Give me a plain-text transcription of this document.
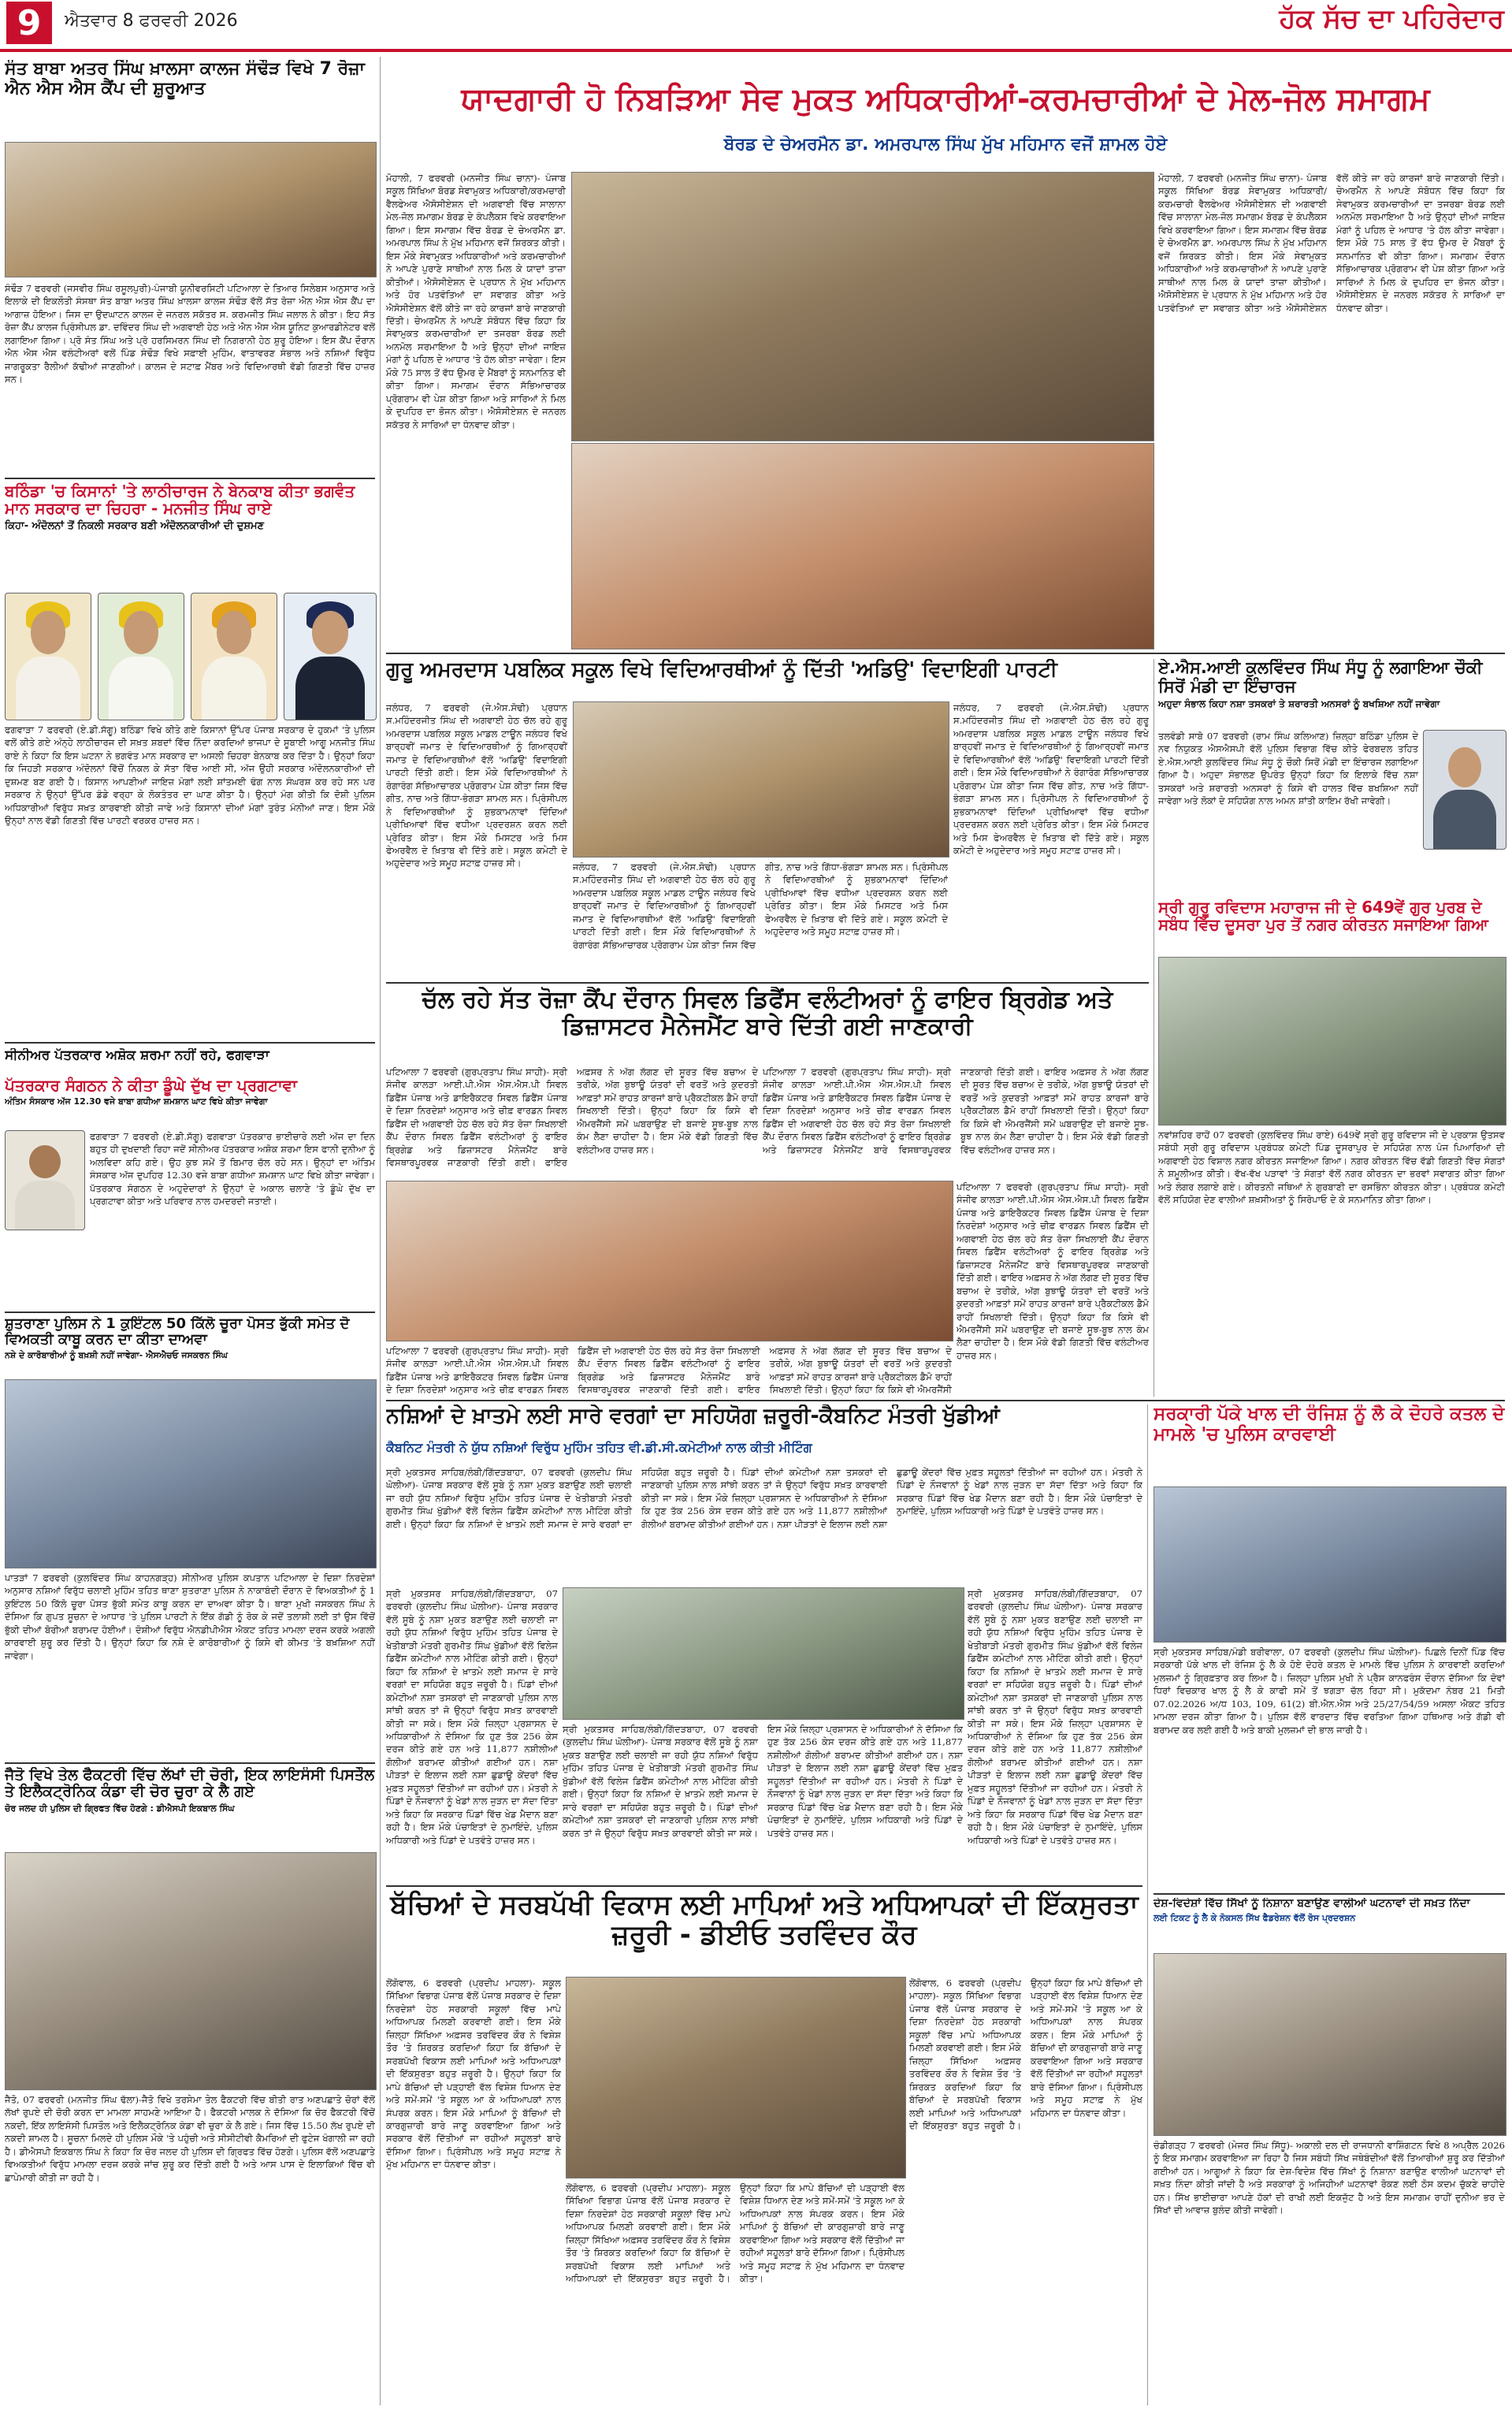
9	ਐਤਵਾਰ 8 ਫਰਵਰੀ 2026	ਹੱਕ ਸੱਚ ਦਾ ਪਹਿਰੇਦਾਰ
ਸੰਤ ਬਾਬਾ ਅਤਰ ਸਿੰਘ ਖ਼ਾਲਸਾ ਕਾਲਜ ਸੰਢੌੜ ਵਿਖੇ 7 ਰੋਜ਼ਾ ਐਨ ਐਸ ਐਸ ਕੈਂਪ ਦੀ ਸ਼ੁਰੂਆਤ
ਸੰਢੌੜ 7 ਫਰਵਰੀ (ਜਸਵੀਰ ਸਿੰਘ ਰਸੂਲਪੁਰੀ)-ਪੰਜਾਬੀ ਯੂਨੀਵਰਸਿਟੀ ਪਟਿਆਲਾ ਦੇ ਤਿਆਰ ਸਿਲੇਬਸ ਅਨੁਸਾਰ ਅਤੇ ਇਲਾਕੇ ਦੀ ਇਕਲੌਤੀ ਸੰਸਥਾ ਸੰਤ ਬਾਬਾ ਅਤਰ ਸਿੰਘ ਖ਼ਾਲਸਾ ਕਾਲਜ ਸੰਢੌੜ ਵੱਲੋਂ ਸੱਤ ਰੋਜ਼ਾ ਐਨ ਐਸ ਐਸ ਕੈਂਪ ਦਾ ਆਗਾਜ਼ ਹੋਇਆ। ਜਿਸ ਦਾ ਉਦਘਾਟਨ ਕਾਲਜ ਦੇ ਜਨਰਲ ਸਕੱਤਰ ਸ. ਕਰਮਜੀਤ ਸਿੰਘ ਜਲਾਲ ਨੇ ਕੀਤਾ। ਇਹ ਸੱਤ ਰੋਜ਼ਾ ਕੈਂਪ ਕਾਲਜ ਪ੍ਰਿੰਸੀਪਲ ਡਾ. ਦਵਿੰਦਰ ਸਿੰਘ ਦੀ ਅਗਵਾਈ ਹੇਠ ਅਤੇ ਐਨ ਐਸ ਐਸ ਯੂਨਿਟ ਕੁਆਰਡੀਨੇਟਰ ਵਲੋਂ ਲਗਾਇਆ ਗਿਆ। ਪ੍ਰੋ ਸੰਤ ਸਿੰਘ ਅਤੇ ਪ੍ਰੋ ਹਰਸਿਮਰਨ ਸਿੰਘ ਦੀ ਨਿਗਰਾਨੀ ਹੇਠ ਸ਼ੁਰੂ ਹੋਇਆ। ਇਸ ਕੈਂਪ ਦੌਰਾਨ ਐਨ ਐਸ ਐਸ ਵਲੰਟੀਅਰਾਂ ਵਲੋਂ ਪਿੰਡ ਸੰਢੌੜ ਵਿਖੇ ਸਫ਼ਾਈ ਮੁਹਿੰਮ, ਵਾਤਾਵਰਣ ਸੰਭਾਲ ਅਤੇ ਨਸ਼ਿਆਂ ਵਿਰੁੱਧ ਜਾਗਰੂਕਤਾ ਰੈਲੀਆਂ ਕੱਢੀਆਂ ਜਾਣਗੀਆਂ। ਕਾਲਜ ਦੇ ਸਟਾਫ਼ ਮੈਂਬਰ ਅਤੇ ਵਿਦਿਆਰਥੀ ਵੱਡੀ ਗਿਣਤੀ ਵਿੱਚ ਹਾਜ਼ਰ ਸਨ।
ਬਠਿੰਡਾ 'ਚ ਕਿਸਾਨਾਂ 'ਤੇ ਲਾਠੀਚਾਰਜ ਨੇ ਬੇਨਕਾਬ ਕੀਤਾ ਭਗਵੰਤ ਮਾਨ ਸਰਕਾਰ ਦਾ ਚਿਹਰਾ - ਮਨਜੀਤ ਸਿੰਘ ਰਾਏ
ਕਿਹਾ- ਅੰਦੋਲਨਾਂ ਤੋਂ ਨਿਕਲੀ ਸਰਕਾਰ ਬਣੀ ਅੰਦੋਲਨਕਾਰੀਆਂ ਦੀ ਦੁਸ਼ਮਣ
ਫਗਵਾੜਾ 7 ਫਰਵਰੀ (ਏ.ਡੀ.ਸੱਗੂ) ਬਠਿੰਡਾ ਵਿਖੇ ਕੀਤੇ ਗਏ ਕਿਸਾਨਾਂ ਉੱਪਰ ਪੰਜਾਬ ਸਰਕਾਰ ਦੇ ਹੁਕਮਾਂ 'ਤੇ ਪੁਲਿਸ ਵਲੋਂ ਕੀਤੇ ਗਏ ਅੰਨ੍ਹੇ ਲਾਠੀਚਾਰਜ ਦੀ ਸਖ਼ਤ ਸ਼ਬਦਾਂ ਵਿੱਚ ਨਿੰਦਾ ਕਰਦਿਆਂ ਭਾਜਪਾ ਦੇ ਸੂਬਾਈ ਆਗੂ ਮਨਜੀਤ ਸਿੰਘ ਰਾਏ ਨੇ ਕਿਹਾ ਕਿ ਇਸ ਘਟਨਾ ਨੇ ਭਗਵੰਤ ਮਾਨ ਸਰਕਾਰ ਦਾ ਅਸਲੀ ਚਿਹਰਾ ਬੇਨਕਾਬ ਕਰ ਦਿੱਤਾ ਹੈ। ਉਨ੍ਹਾਂ ਕਿਹਾ ਕਿ ਜਿਹੜੀ ਸਰਕਾਰ ਅੰਦੋਲਨਾਂ ਵਿੱਚੋਂ ਨਿਕਲ ਕੇ ਸੱਤਾ ਵਿੱਚ ਆਈ ਸੀ, ਅੱਜ ਉਹੀ ਸਰਕਾਰ ਅੰਦੋਲਨਕਾਰੀਆਂ ਦੀ ਦੁਸ਼ਮਣ ਬਣ ਗਈ ਹੈ। ਕਿਸਾਨ ਆਪਣੀਆਂ ਜਾਇਜ਼ ਮੰਗਾਂ ਲਈ ਸ਼ਾਂਤਮਈ ਢੰਗ ਨਾਲ ਸੰਘਰਸ਼ ਕਰ ਰਹੇ ਸਨ ਪਰ ਸਰਕਾਰ ਨੇ ਉਨ੍ਹਾਂ ਉੱਪਰ ਡੰਡੇ ਵਰ੍ਹਾ ਕੇ ਲੋਕਤੰਤਰ ਦਾ ਘਾਣ ਕੀਤਾ ਹੈ। ਉਨ੍ਹਾਂ ਮੰਗ ਕੀਤੀ ਕਿ ਦੋਸ਼ੀ ਪੁਲਿਸ ਅਧਿਕਾਰੀਆਂ ਵਿਰੁੱਧ ਸਖ਼ਤ ਕਾਰਵਾਈ ਕੀਤੀ ਜਾਵੇ ਅਤੇ ਕਿਸਾਨਾਂ ਦੀਆਂ ਮੰਗਾਂ ਤੁਰੰਤ ਮੰਨੀਆਂ ਜਾਣ। ਇਸ ਮੌਕੇ ਉਨ੍ਹਾਂ ਨਾਲ ਵੱਡੀ ਗਿਣਤੀ ਵਿੱਚ ਪਾਰਟੀ ਵਰਕਰ ਹਾਜ਼ਰ ਸਨ।
ਸੀਨੀਅਰ ਪੱਤਰਕਾਰ ਅਸ਼ੋਕ ਸ਼ਰਮਾ ਨਹੀਂ ਰਹੇ, ਫਗਵਾੜਾ
ਪੱਤਰਕਾਰ ਸੰਗਠਨ ਨੇ ਕੀਤਾ ਡੂੰਘੇ ਦੁੱਖ ਦਾ ਪ੍ਰਗਟਾਵਾ
ਅੰਤਿਮ ਸੰਸਕਾਰ ਅੱਜ 12.30 ਵਜੇ ਬਾਬਾ ਗਧੀਆ ਸ਼ਮਸ਼ਾਨ ਘਾਟ ਵਿਖੇ ਕੀਤਾ ਜਾਵੇਗਾ
ਫਗਵਾੜਾ 7 ਫਰਵਰੀ (ਏ.ਡੀ.ਸੱਗੂ) ਫਗਵਾੜਾ ਪੱਤਰਕਾਰ ਭਾਈਚਾਰੇ ਲਈ ਅੱਜ ਦਾ ਦਿਨ ਬਹੁਤ ਹੀ ਦੁਖਦਾਈ ਰਿਹਾ ਜਦੋਂ ਸੀਨੀਅਰ ਪੱਤਰਕਾਰ ਅਸ਼ੋਕ ਸ਼ਰਮਾ ਇਸ ਫਾਨੀ ਦੁਨੀਆ ਨੂੰ ਅਲਵਿਦਾ ਕਹਿ ਗਏ। ਉਹ ਕੁਝ ਸਮੇਂ ਤੋਂ ਬਿਮਾਰ ਚੱਲ ਰਹੇ ਸਨ। ਉਨ੍ਹਾਂ ਦਾ ਅੰਤਿਮ ਸੰਸਕਾਰ ਅੱਜ ਦੁਪਹਿਰ 12.30 ਵਜੇ ਬਾਬਾ ਗਧੀਆ ਸ਼ਮਸ਼ਾਨ ਘਾਟ ਵਿਖੇ ਕੀਤਾ ਜਾਵੇਗਾ। ਪੱਤਰਕਾਰ ਸੰਗਠਨ ਦੇ ਅਹੁਦੇਦਾਰਾਂ ਨੇ ਉਨ੍ਹਾਂ ਦੇ ਅਕਾਲ ਚਲਾਣੇ 'ਤੇ ਡੂੰਘੇ ਦੁੱਖ ਦਾ ਪ੍ਰਗਟਾਵਾ ਕੀਤਾ ਅਤੇ ਪਰਿਵਾਰ ਨਾਲ ਹਮਦਰਦੀ ਜਤਾਈ।
ਸ਼ੁਤਰਾਣਾ ਪੁਲਿਸ ਨੇ 1 ਕੁਇੰਟਲ 50 ਕਿੱਲੋ ਚੂਰਾ ਪੋਸਤ ਭੁੱਕੀ ਸਮੇਤ ਦੋ ਵਿਅਕਤੀ ਕਾਬੂ ਕਰਨ ਦਾ ਕੀਤਾ ਦਾਅਵਾ
ਨਸ਼ੇ ਦੇ ਕਾਰੋਬਾਰੀਆਂ ਨੂੰ ਬਖ਼ਸ਼ੀ ਨਹੀਂ ਜਾਵੇਗਾ- ਐਸਐਚਓ ਜਸਕਰਨ ਸਿੰਘ
ਪਾਤੜਾਂ 7 ਫਰਵਰੀ (ਕੁਲਵਿੰਦਰ ਸਿੰਘ ਕਾਹਨਗੜ੍ਹ) ਸੀਨੀਅਰ ਪੁਲਿਸ ਕਪਤਾਨ ਪਟਿਆਲਾ ਦੇ ਦਿਸ਼ਾ ਨਿਰਦੇਸ਼ਾਂ ਅਨੁਸਾਰ ਨਸ਼ਿਆਂ ਵਿਰੁੱਧ ਚਲਾਈ ਮੁਹਿੰਮ ਤਹਿਤ ਥਾਣਾ ਸ਼ੁਤਰਾਣਾ ਪੁਲਿਸ ਨੇ ਨਾਕਾਬੰਦੀ ਦੌਰਾਨ ਦੋ ਵਿਅਕਤੀਆਂ ਨੂੰ 1 ਕੁਇੰਟਲ 50 ਕਿੱਲੋ ਚੂਰਾ ਪੋਸਤ ਭੁੱਕੀ ਸਮੇਤ ਕਾਬੂ ਕਰਨ ਦਾ ਦਾਅਵਾ ਕੀਤਾ ਹੈ। ਥਾਣਾ ਮੁਖੀ ਜਸਕਰਨ ਸਿੰਘ ਨੇ ਦੱਸਿਆ ਕਿ ਗੁਪਤ ਸੂਚਨਾ ਦੇ ਆਧਾਰ 'ਤੇ ਪੁਲਿਸ ਪਾਰਟੀ ਨੇ ਇੱਕ ਗੱਡੀ ਨੂੰ ਰੋਕ ਕੇ ਜਦੋਂ ਤਲਾਸ਼ੀ ਲਈ ਤਾਂ ਉਸ ਵਿੱਚੋਂ ਭੁੱਕੀ ਦੀਆਂ ਬੋਰੀਆਂ ਬਰਾਮਦ ਹੋਈਆਂ। ਦੋਸ਼ੀਆਂ ਵਿਰੁੱਧ ਐਨਡੀਪੀਐਸ ਐਕਟ ਤਹਿਤ ਮਾਮਲਾ ਦਰਜ ਕਰਕੇ ਅਗਲੀ ਕਾਰਵਾਈ ਸ਼ੁਰੂ ਕਰ ਦਿੱਤੀ ਹੈ। ਉਨ੍ਹਾਂ ਕਿਹਾ ਕਿ ਨਸ਼ੇ ਦੇ ਕਾਰੋਬਾਰੀਆਂ ਨੂੰ ਕਿਸੇ ਵੀ ਕੀਮਤ 'ਤੇ ਬਖ਼ਸ਼ਿਆ ਨਹੀਂ ਜਾਵੇਗਾ।
ਜੈਤੋ ਵਿਖੇ ਤੇਲ ਫੈਕਟਰੀ ਵਿੱਚ ਲੱਖਾਂ ਦੀ ਚੋਰੀ, ਇਕ ਲਾਇਸੰਸੀ ਪਿਸਤੌਲ ਤੇ ਇਲੈਕਟ੍ਰੋਨਿਕ ਕੰਡਾ ਵੀ ਚੋਰ ਚੁਰਾ ਕੇ ਲੈ ਗਏ
ਚੋਰ ਜਲਦ ਹੀ ਪੁਲਿਸ ਦੀ ਗ੍ਰਿਫਤ ਵਿੱਚ ਹੋਣਗੇ : ਡੀਐਸਪੀ ਇਕਬਾਲ ਸਿੰਘ
ਜੈਤੋ, 07 ਫਰਵਰੀ (ਮਨਜੀਤ ਸਿੰਘ ਢੱਲਾ)-ਜੈਤੋ ਵਿਖੇ ਤਰਸੇਮਾ ਤੇਲ ਫੈਕਟਰੀ ਵਿੱਚ ਬੀਤੀ ਰਾਤ ਅਣਪਛਾਤੇ ਚੋਰਾਂ ਵੱਲੋਂ ਲੱਖਾਂ ਰੁਪਏ ਦੀ ਚੋਰੀ ਕਰਨ ਦਾ ਮਾਮਲਾ ਸਾਹਮਣੇ ਆਇਆ ਹੈ। ਫੈਕਟਰੀ ਮਾਲਕ ਨੇ ਦੱਸਿਆ ਕਿ ਚੋਰ ਫੈਕਟਰੀ ਵਿੱਚੋਂ ਨਕਦੀ, ਇੱਕ ਲਾਇਸੰਸੀ ਪਿਸਤੌਲ ਅਤੇ ਇਲੈਕਟ੍ਰੋਨਿਕ ਕੰਡਾ ਵੀ ਚੁਰਾ ਕੇ ਲੈ ਗਏ। ਜਿਸ ਵਿੱਚ 15.50 ਲੱਖ ਰੁਪਏ ਦੀ ਨਕਦੀ ਸ਼ਾਮਲ ਹੈ। ਸੂਚਨਾ ਮਿਲਦੇ ਹੀ ਪੁਲਿਸ ਮੌਕੇ 'ਤੇ ਪਹੁੰਚੀ ਅਤੇ ਸੀਸੀਟੀਵੀ ਕੈਮਰਿਆਂ ਦੀ ਫੁਟੇਜ ਖੰਗਾਲੀ ਜਾ ਰਹੀ ਹੈ। ਡੀਐਸਪੀ ਇਕਬਾਲ ਸਿੰਘ ਨੇ ਕਿਹਾ ਕਿ ਚੋਰ ਜਲਦ ਹੀ ਪੁਲਿਸ ਦੀ ਗ੍ਰਿਫਤ ਵਿੱਚ ਹੋਣਗੇ। ਪੁਲਿਸ ਵੱਲੋਂ ਅਣਪਛਾਤੇ ਵਿਅਕਤੀਆਂ ਵਿਰੁੱਧ ਮਾਮਲਾ ਦਰਜ ਕਰਕੇ ਜਾਂਚ ਸ਼ੁਰੂ ਕਰ ਦਿੱਤੀ ਗਈ ਹੈ ਅਤੇ ਆਸ ਪਾਸ ਦੇ ਇਲਾਕਿਆਂ ਵਿੱਚ ਵੀ ਛਾਪੇਮਾਰੀ ਕੀਤੀ ਜਾ ਰਹੀ ਹੈ।
ਯਾਦਗਾਰੀ ਹੋ ਨਿਬੜਿਆ ਸੇਵ ਮੁਕਤ ਅਧਿਕਾਰੀਆਂ-ਕਰਮਚਾਰੀਆਂ ਦੇ ਮੇਲ-ਜੋਲ ਸਮਾਗਮ
ਬੋਰਡ ਦੇ ਚੇਅਰਮੈਨ ਡਾ. ਅਮਰਪਾਲ ਸਿੰਘ ਮੁੱਖ ਮਹਿਮਾਨ ਵਜੋਂ ਸ਼ਾਮਲ ਹੋਏ
ਮੋਹਾਲੀ, 7 ਫਰਵਰੀ (ਮਨਜੀਤ ਸਿੰਘ ਚਾਨਾ)- ਪੰਜਾਬ ਸਕੂਲ ਸਿੱਖਿਆ ਬੋਰਡ ਸੇਵਾਮੁਕਤ ਅਧਿਕਾਰੀ/ਕਰਮਚਾਰੀ ਵੈਲਫੇਅਰ ਐਸੋਸੀਏਸ਼ਨ ਦੀ ਅਗਵਾਈ ਵਿੱਚ ਸਾਲਾਨਾ ਮੇਲ-ਜੋਲ ਸਮਾਗਮ ਬੋਰਡ ਦੇ ਕੰਪਲੈਕਸ ਵਿਖੇ ਕਰਵਾਇਆ ਗਿਆ। ਇਸ ਸਮਾਗਮ ਵਿੱਚ ਬੋਰਡ ਦੇ ਚੇਅਰਮੈਨ ਡਾ. ਅਮਰਪਾਲ ਸਿੰਘ ਨੇ ਮੁੱਖ ਮਹਿਮਾਨ ਵਜੋਂ ਸ਼ਿਰਕਤ ਕੀਤੀ। ਇਸ ਮੌਕੇ ਸੇਵਾਮੁਕਤ ਅਧਿਕਾਰੀਆਂ ਅਤੇ ਕਰਮਚਾਰੀਆਂ ਨੇ ਆਪਣੇ ਪੁਰਾਣੇ ਸਾਥੀਆਂ ਨਾਲ ਮਿਲ ਕੇ ਯਾਦਾਂ ਤਾਜ਼ਾ ਕੀਤੀਆਂ। ਐਸੋਸੀਏਸ਼ਨ ਦੇ ਪ੍ਰਧਾਨ ਨੇ ਮੁੱਖ ਮਹਿਮਾਨ ਅਤੇ ਹੋਰ ਪਤਵੰਤਿਆਂ ਦਾ ਸਵਾਗਤ ਕੀਤਾ ਅਤੇ ਐਸੋਸੀਏਸ਼ਨ ਵੱਲੋਂ ਕੀਤੇ ਜਾ ਰਹੇ ਕਾਰਜਾਂ ਬਾਰੇ ਜਾਣਕਾਰੀ ਦਿੱਤੀ। ਚੇਅਰਮੈਨ ਨੇ ਆਪਣੇ ਸੰਬੋਧਨ ਵਿੱਚ ਕਿਹਾ ਕਿ ਸੇਵਾਮੁਕਤ ਕਰਮਚਾਰੀਆਂ ਦਾ ਤਜਰਬਾ ਬੋਰਡ ਲਈ ਅਨਮੋਲ ਸਰਮਾਇਆ ਹੈ ਅਤੇ ਉਨ੍ਹਾਂ ਦੀਆਂ ਜਾਇਜ਼ ਮੰਗਾਂ ਨੂੰ ਪਹਿਲ ਦੇ ਆਧਾਰ 'ਤੇ ਹੱਲ ਕੀਤਾ ਜਾਵੇਗਾ। ਇਸ ਮੌਕੇ 75 ਸਾਲ ਤੋਂ ਵੱਧ ਉਮਰ ਦੇ ਮੈਂਬਰਾਂ ਨੂੰ ਸਨਮਾਨਿਤ ਵੀ ਕੀਤਾ ਗਿਆ। ਸਮਾਗਮ ਦੌਰਾਨ ਸੱਭਿਆਚਾਰਕ ਪ੍ਰੋਗਰਾਮ ਵੀ ਪੇਸ਼ ਕੀਤਾ ਗਿਆ ਅਤੇ ਸਾਰਿਆਂ ਨੇ ਮਿਲ ਕੇ ਦੁਪਹਿਰ ਦਾ ਭੋਜਨ ਕੀਤਾ। ਐਸੋਸੀਏਸ਼ਨ ਦੇ ਜਨਰਲ ਸਕੱਤਰ ਨੇ ਸਾਰਿਆਂ ਦਾ ਧੰਨਵਾਦ ਕੀਤਾ।
ਮੋਹਾਲੀ, 7 ਫਰਵਰੀ (ਮਨਜੀਤ ਸਿੰਘ ਚਾਨਾ)- ਪੰਜਾਬ ਸਕੂਲ ਸਿੱਖਿਆ ਬੋਰਡ ਸੇਵਾਮੁਕਤ ਅਧਿਕਾਰੀ/ਕਰਮਚਾਰੀ ਵੈਲਫੇਅਰ ਐਸੋਸੀਏਸ਼ਨ ਦੀ ਅਗਵਾਈ ਵਿੱਚ ਸਾਲਾਨਾ ਮੇਲ-ਜੋਲ ਸਮਾਗਮ ਬੋਰਡ ਦੇ ਕੰਪਲੈਕਸ ਵਿਖੇ ਕਰਵਾਇਆ ਗਿਆ। ਇਸ ਸਮਾਗਮ ਵਿੱਚ ਬੋਰਡ ਦੇ ਚੇਅਰਮੈਨ ਡਾ. ਅਮਰਪਾਲ ਸਿੰਘ ਨੇ ਮੁੱਖ ਮਹਿਮਾਨ ਵਜੋਂ ਸ਼ਿਰਕਤ ਕੀਤੀ। ਇਸ ਮੌਕੇ ਸੇਵਾਮੁਕਤ ਅਧਿਕਾਰੀਆਂ ਅਤੇ ਕਰਮਚਾਰੀਆਂ ਨੇ ਆਪਣੇ ਪੁਰਾਣੇ ਸਾਥੀਆਂ ਨਾਲ ਮਿਲ ਕੇ ਯਾਦਾਂ ਤਾਜ਼ਾ ਕੀਤੀਆਂ। ਐਸੋਸੀਏਸ਼ਨ ਦੇ ਪ੍ਰਧਾਨ ਨੇ ਮੁੱਖ ਮਹਿਮਾਨ ਅਤੇ ਹੋਰ ਪਤਵੰਤਿਆਂ ਦਾ ਸਵਾਗਤ ਕੀਤਾ ਅਤੇ ਐਸੋਸੀਏਸ਼ਨ ਵੱਲੋਂ ਕੀਤੇ ਜਾ ਰਹੇ ਕਾਰਜਾਂ ਬਾਰੇ ਜਾਣਕਾਰੀ ਦਿੱਤੀ। ਚੇਅਰਮੈਨ ਨੇ ਆਪਣੇ ਸੰਬੋਧਨ ਵਿੱਚ ਕਿਹਾ ਕਿ ਸੇਵਾਮੁਕਤ ਕਰਮਚਾਰੀਆਂ ਦਾ ਤਜਰਬਾ ਬੋਰਡ ਲਈ ਅਨਮੋਲ ਸਰਮਾਇਆ ਹੈ ਅਤੇ ਉਨ੍ਹਾਂ ਦੀਆਂ ਜਾਇਜ਼ ਮੰਗਾਂ ਨੂੰ ਪਹਿਲ ਦੇ ਆਧਾਰ 'ਤੇ ਹੱਲ ਕੀਤਾ ਜਾਵੇਗਾ। ਇਸ ਮੌਕੇ 75 ਸਾਲ ਤੋਂ ਵੱਧ ਉਮਰ ਦੇ ਮੈਂਬਰਾਂ ਨੂੰ ਸਨਮਾਨਿਤ ਵੀ ਕੀਤਾ ਗਿਆ। ਸਮਾਗਮ ਦੌਰਾਨ ਸੱਭਿਆਚਾਰਕ ਪ੍ਰੋਗਰਾਮ ਵੀ ਪੇਸ਼ ਕੀਤਾ ਗਿਆ ਅਤੇ ਸਾਰਿਆਂ ਨੇ ਮਿਲ ਕੇ ਦੁਪਹਿਰ ਦਾ ਭੋਜਨ ਕੀਤਾ। ਐਸੋਸੀਏਸ਼ਨ ਦੇ ਜਨਰਲ ਸਕੱਤਰ ਨੇ ਸਾਰਿਆਂ ਦਾ ਧੰਨਵਾਦ ਕੀਤਾ।
ਏ.ਐਸ.ਆਈ ਕੁਲਵਿੰਦਰ ਸਿੰਘ ਸੰਧੂ ਨੂੰ ਲਗਾਇਆ ਚੌਕੀ ਸਿਰੋਂ ਮੰਡੀ ਦਾ ਇੰਚਾਰਜ
ਅਹੁਦਾ ਸੰਭਾਲ ਕਿਹਾ ਨਸ਼ਾ ਤਸਕਰਾਂ ਤੇ ਸ਼ਰਾਰਤੀ ਅਨਸਰਾਂ ਨੂੰ ਬਖਸ਼ਿਆ ਨਹੀਂ ਜਾਵੇਗਾ
ਤਲਵੰਡੀ ਸਾਬੋ 07 ਫਰਵਰੀ (ਰਾਮ ਸਿੰਘ ਕਲਿਆਣ) ਜ਼ਿਲ੍ਹਾ ਬਠਿੰਡਾ ਪੁਲਿਸ ਦੇ ਨਵ ਨਿਯੁਕਤ ਐਸਐਸਪੀ ਵੱਲੋਂ ਪੁਲਿਸ ਵਿਭਾਗ ਵਿੱਚ ਕੀਤੇ ਫੇਰਬਦਲ ਤਹਿਤ ਏ.ਐਸ.ਆਈ ਕੁਲਵਿੰਦਰ ਸਿੰਘ ਸੰਧੂ ਨੂੰ ਚੌਕੀ ਸਿਰੋਂ ਮੰਡੀ ਦਾ ਇੰਚਾਰਜ ਲਗਾਇਆ ਗਿਆ ਹੈ। ਅਹੁਦਾ ਸੰਭਾਲਣ ਉਪਰੰਤ ਉਨ੍ਹਾਂ ਕਿਹਾ ਕਿ ਇਲਾਕੇ ਵਿੱਚ ਨਸ਼ਾ ਤਸਕਰਾਂ ਅਤੇ ਸ਼ਰਾਰਤੀ ਅਨਸਰਾਂ ਨੂੰ ਕਿਸੇ ਵੀ ਹਾਲਤ ਵਿੱਚ ਬਖਸ਼ਿਆ ਨਹੀਂ ਜਾਵੇਗਾ ਅਤੇ ਲੋਕਾਂ ਦੇ ਸਹਿਯੋਗ ਨਾਲ ਅਮਨ ਸ਼ਾਂਤੀ ਕਾਇਮ ਰੱਖੀ ਜਾਵੇਗੀ।
ਸ੍ਰੀ ਗੁਰੂ ਰਵਿਦਾਸ ਮਹਾਰਾਜ ਜੀ ਦੇ 649ਵੇਂ ਗੁਰ ਪੁਰਬ ਦੇ ਸਬੰਧ ਵਿੱਚ ਦੂਸਰਾ ਪੁਰ ਤੋਂ ਨਗਰ ਕੀਰਤਨ ਸਜਾਇਆ ਗਿਆ
ਨਵਾਂਸ਼ਹਿਰ ਰਾਹੋਂ 07 ਫਰਵਰੀ (ਕੁਲਵਿੰਦਰ ਸਿੰਘ ਰਾਏ) 649ਵੇਂ ਸ੍ਰੀ ਗੁਰੂ ਰਵਿਦਾਸ ਜੀ ਦੇ ਪ੍ਰਕਾਸ਼ ਉਤਸਵ ਸਬੰਧੀ ਸ੍ਰੀ ਗੁਰੂ ਰਵਿਦਾਸ ਪ੍ਰਬੰਧਕ ਕਮੇਟੀ ਪਿੰਡ ਦੂਸਰਾਪੁਰ ਦੇ ਸਹਿਯੋਗ ਨਾਲ ਪੰਜ ਪਿਆਰਿਆਂ ਦੀ ਅਗਵਾਈ ਹੇਠ ਵਿਸ਼ਾਲ ਨਗਰ ਕੀਰਤਨ ਸਜਾਇਆ ਗਿਆ। ਨਗਰ ਕੀਰਤਨ ਵਿੱਚ ਵੱਡੀ ਗਿਣਤੀ ਵਿੱਚ ਸੰਗਤਾਂ ਨੇ ਸ਼ਮੂਲੀਅਤ ਕੀਤੀ। ਵੱਖ-ਵੱਖ ਪੜਾਵਾਂ 'ਤੇ ਸੰਗਤਾਂ ਵੱਲੋਂ ਨਗਰ ਕੀਰਤਨ ਦਾ ਭਰਵਾਂ ਸਵਾਗਤ ਕੀਤਾ ਗਿਆ ਅਤੇ ਲੰਗਰ ਲਗਾਏ ਗਏ। ਕੀਰਤਨੀ ਜਥਿਆਂ ਨੇ ਗੁਰਬਾਣੀ ਦਾ ਰਸਭਿੰਨਾ ਕੀਰਤਨ ਕੀਤਾ। ਪ੍ਰਬੰਧਕ ਕਮੇਟੀ ਵੱਲੋਂ ਸਹਿਯੋਗ ਦੇਣ ਵਾਲੀਆਂ ਸ਼ਖ਼ਸੀਅਤਾਂ ਨੂੰ ਸਿਰੋਪਾਓ ਦੇ ਕੇ ਸਨਮਾਨਿਤ ਕੀਤਾ ਗਿਆ।
ਗੁਰੂ ਅਮਰਦਾਸ ਪਬਲਿਕ ਸਕੂਲ ਵਿਖੇ ਵਿਦਿਆਰਥੀਆਂ ਨੂੰ ਦਿੱਤੀ 'ਅਡਿਉ' ਵਿਦਾਇਗੀ ਪਾਰਟੀ
ਜਲੰਧਰ, 7 ਫਰਵਰੀ (ਜੇ.ਐਸ.ਸੋਢੀ) ਪ੍ਰਧਾਨ ਸ.ਮਹਿੰਦਰਜੀਤ ਸਿੰਘ ਦੀ ਅਗਵਾਈ ਹੇਠ ਚੱਲ ਰਹੇ ਗੁਰੂ ਅਮਰਦਾਸ ਪਬਲਿਕ ਸਕੂਲ ਮਾਡਲ ਟਾਊਨ ਜਲੰਧਰ ਵਿਖੇ ਬਾਰ੍ਹਵੀਂ ਜਮਾਤ ਦੇ ਵਿਦਿਆਰਥੀਆਂ ਨੂੰ ਗਿਆਰ੍ਹਵੀਂ ਜਮਾਤ ਦੇ ਵਿਦਿਆਰਥੀਆਂ ਵੱਲੋਂ 'ਅਡਿਉ' ਵਿਦਾਇਗੀ ਪਾਰਟੀ ਦਿੱਤੀ ਗਈ। ਇਸ ਮੌਕੇ ਵਿਦਿਆਰਥੀਆਂ ਨੇ ਰੰਗਾਰੰਗ ਸੱਭਿਆਚਾਰਕ ਪ੍ਰੋਗਰਾਮ ਪੇਸ਼ ਕੀਤਾ ਜਿਸ ਵਿੱਚ ਗੀਤ, ਨਾਚ ਅਤੇ ਗਿੱਧਾ-ਭੰਗੜਾ ਸ਼ਾਮਲ ਸਨ। ਪ੍ਰਿੰਸੀਪਲ ਨੇ ਵਿਦਿਆਰਥੀਆਂ ਨੂੰ ਸ਼ੁਭਕਾਮਨਾਵਾਂ ਦਿੰਦਿਆਂ ਪ੍ਰੀਖਿਆਵਾਂ ਵਿੱਚ ਵਧੀਆ ਪ੍ਰਦਰਸ਼ਨ ਕਰਨ ਲਈ ਪ੍ਰੇਰਿਤ ਕੀਤਾ। ਇਸ ਮੌਕੇ ਮਿਸਟਰ ਅਤੇ ਮਿਸ ਫੇਅਰਵੈਲ ਦੇ ਖ਼ਿਤਾਬ ਵੀ ਦਿੱਤੇ ਗਏ। ਸਕੂਲ ਕਮੇਟੀ ਦੇ ਅਹੁਦੇਦਾਰ ਅਤੇ ਸਮੂਹ ਸਟਾਫ਼ ਹਾਜ਼ਰ ਸੀ।
ਜਲੰਧਰ, 7 ਫਰਵਰੀ (ਜੇ.ਐਸ.ਸੋਢੀ) ਪ੍ਰਧਾਨ ਸ.ਮਹਿੰਦਰਜੀਤ ਸਿੰਘ ਦੀ ਅਗਵਾਈ ਹੇਠ ਚੱਲ ਰਹੇ ਗੁਰੂ ਅਮਰਦਾਸ ਪਬਲਿਕ ਸਕੂਲ ਮਾਡਲ ਟਾਊਨ ਜਲੰਧਰ ਵਿਖੇ ਬਾਰ੍ਹਵੀਂ ਜਮਾਤ ਦੇ ਵਿਦਿਆਰਥੀਆਂ ਨੂੰ ਗਿਆਰ੍ਹਵੀਂ ਜਮਾਤ ਦੇ ਵਿਦਿਆਰਥੀਆਂ ਵੱਲੋਂ 'ਅਡਿਉ' ਵਿਦਾਇਗੀ ਪਾਰਟੀ ਦਿੱਤੀ ਗਈ। ਇਸ ਮੌਕੇ ਵਿਦਿਆਰਥੀਆਂ ਨੇ ਰੰਗਾਰੰਗ ਸੱਭਿਆਚਾਰਕ ਪ੍ਰੋਗਰਾਮ ਪੇਸ਼ ਕੀਤਾ ਜਿਸ ਵਿੱਚ ਗੀਤ, ਨਾਚ ਅਤੇ ਗਿੱਧਾ-ਭੰਗੜਾ ਸ਼ਾਮਲ ਸਨ। ਪ੍ਰਿੰਸੀਪਲ ਨੇ ਵਿਦਿਆਰਥੀਆਂ ਨੂੰ ਸ਼ੁਭਕਾਮਨਾਵਾਂ ਦਿੰਦਿਆਂ ਪ੍ਰੀਖਿਆਵਾਂ ਵਿੱਚ ਵਧੀਆ ਪ੍ਰਦਰਸ਼ਨ ਕਰਨ ਲਈ ਪ੍ਰੇਰਿਤ ਕੀਤਾ। ਇਸ ਮੌਕੇ ਮਿਸਟਰ ਅਤੇ ਮਿਸ ਫੇਅਰਵੈਲ ਦੇ ਖ਼ਿਤਾਬ ਵੀ ਦਿੱਤੇ ਗਏ। ਸਕੂਲ ਕਮੇਟੀ ਦੇ ਅਹੁਦੇਦਾਰ ਅਤੇ ਸਮੂਹ ਸਟਾਫ਼ ਹਾਜ਼ਰ ਸੀ।
ਜਲੰਧਰ, 7 ਫਰਵਰੀ (ਜੇ.ਐਸ.ਸੋਢੀ) ਪ੍ਰਧਾਨ ਸ.ਮਹਿੰਦਰਜੀਤ ਸਿੰਘ ਦੀ ਅਗਵਾਈ ਹੇਠ ਚੱਲ ਰਹੇ ਗੁਰੂ ਅਮਰਦਾਸ ਪਬਲਿਕ ਸਕੂਲ ਮਾਡਲ ਟਾਊਨ ਜਲੰਧਰ ਵਿਖੇ ਬਾਰ੍ਹਵੀਂ ਜਮਾਤ ਦੇ ਵਿਦਿਆਰਥੀਆਂ ਨੂੰ ਗਿਆਰ੍ਹਵੀਂ ਜਮਾਤ ਦੇ ਵਿਦਿਆਰਥੀਆਂ ਵੱਲੋਂ 'ਅਡਿਉ' ਵਿਦਾਇਗੀ ਪਾਰਟੀ ਦਿੱਤੀ ਗਈ। ਇਸ ਮੌਕੇ ਵਿਦਿਆਰਥੀਆਂ ਨੇ ਰੰਗਾਰੰਗ ਸੱਭਿਆਚਾਰਕ ਪ੍ਰੋਗਰਾਮ ਪੇਸ਼ ਕੀਤਾ ਜਿਸ ਵਿੱਚ ਗੀਤ, ਨਾਚ ਅਤੇ ਗਿੱਧਾ-ਭੰਗੜਾ ਸ਼ਾਮਲ ਸਨ। ਪ੍ਰਿੰਸੀਪਲ ਨੇ ਵਿਦਿਆਰਥੀਆਂ ਨੂੰ ਸ਼ੁਭਕਾਮਨਾਵਾਂ ਦਿੰਦਿਆਂ ਪ੍ਰੀਖਿਆਵਾਂ ਵਿੱਚ ਵਧੀਆ ਪ੍ਰਦਰਸ਼ਨ ਕਰਨ ਲਈ ਪ੍ਰੇਰਿਤ ਕੀਤਾ। ਇਸ ਮੌਕੇ ਮਿਸਟਰ ਅਤੇ ਮਿਸ ਫੇਅਰਵੈਲ ਦੇ ਖ਼ਿਤਾਬ ਵੀ ਦਿੱਤੇ ਗਏ। ਸਕੂਲ ਕਮੇਟੀ ਦੇ ਅਹੁਦੇਦਾਰ ਅਤੇ ਸਮੂਹ ਸਟਾਫ਼ ਹਾਜ਼ਰ ਸੀ।
ਚੱਲ ਰਹੇ ਸੱਤ ਰੋਜ਼ਾ ਕੈਂਪ ਦੌਰਾਨ ਸਿਵਲ ਡਿਫੈਂਸ ਵਲੰਟੀਅਰਾਂ ਨੂੰ ਫਾਇਰ ਬ੍ਰਿਗੇਡ ਅਤੇ ਡਿਜ਼ਾਸਟਰ ਮੈਨੇਜਮੈਂਟ ਬਾਰੇ ਦਿੱਤੀ ਗਈ ਜਾਣਕਾਰੀ
ਪਟਿਆਲਾ 7 ਫਰਵਰੀ (ਗੁਰਪ੍ਰਤਾਪ ਸਿੰਘ ਸਾਹੀ)- ਸ੍ਰੀ ਸੰਜੀਵ ਕਾਲੜਾ ਆਈ.ਪੀ.ਐਸ ਐਸ.ਐਸ.ਪੀ ਸਿਵਲ ਡਿਫੈਂਸ ਪੰਜਾਬ ਅਤੇ ਡਾਇਰੈਕਟਰ ਸਿਵਲ ਡਿਫੈਂਸ ਪੰਜਾਬ ਦੇ ਦਿਸ਼ਾ ਨਿਰਦੇਸ਼ਾਂ ਅਨੁਸਾਰ ਅਤੇ ਚੀਫ਼ ਵਾਰਡਨ ਸਿਵਲ ਡਿਫੈਂਸ ਦੀ ਅਗਵਾਈ ਹੇਠ ਚੱਲ ਰਹੇ ਸੱਤ ਰੋਜ਼ਾ ਸਿਖਲਾਈ ਕੈਂਪ ਦੌਰਾਨ ਸਿਵਲ ਡਿਫੈਂਸ ਵਲੰਟੀਅਰਾਂ ਨੂੰ ਫਾਇਰ ਬ੍ਰਿਗੇਡ ਅਤੇ ਡਿਜ਼ਾਸਟਰ ਮੈਨੇਜਮੈਂਟ ਬਾਰੇ ਵਿਸਥਾਰਪੂਰਵਕ ਜਾਣਕਾਰੀ ਦਿੱਤੀ ਗਈ। ਫਾਇਰ ਅਫ਼ਸਰ ਨੇ ਅੱਗ ਲੱਗਣ ਦੀ ਸੂਰਤ ਵਿੱਚ ਬਚਾਅ ਦੇ ਤਰੀਕੇ, ਅੱਗ ਬੁਝਾਊ ਯੰਤਰਾਂ ਦੀ ਵਰਤੋਂ ਅਤੇ ਕੁਦਰਤੀ ਆਫ਼ਤਾਂ ਸਮੇਂ ਰਾਹਤ ਕਾਰਜਾਂ ਬਾਰੇ ਪ੍ਰੈਕਟੀਕਲ ਡੈਮੋ ਰਾਹੀਂ ਸਿਖਲਾਈ ਦਿੱਤੀ। ਉਨ੍ਹਾਂ ਕਿਹਾ ਕਿ ਕਿਸੇ ਵੀ ਐਮਰਜੈਂਸੀ ਸਮੇਂ ਘਬਰਾਉਣ ਦੀ ਬਜਾਏ ਸੂਝ-ਬੂਝ ਨਾਲ ਕੰਮ ਲੈਣਾ ਚਾਹੀਦਾ ਹੈ। ਇਸ ਮੌਕੇ ਵੱਡੀ ਗਿਣਤੀ ਵਿੱਚ ਵਲੰਟੀਅਰ ਹਾਜ਼ਰ ਸਨ।
ਪਟਿਆਲਾ 7 ਫਰਵਰੀ (ਗੁਰਪ੍ਰਤਾਪ ਸਿੰਘ ਸਾਹੀ)- ਸ੍ਰੀ ਸੰਜੀਵ ਕਾਲੜਾ ਆਈ.ਪੀ.ਐਸ ਐਸ.ਐਸ.ਪੀ ਸਿਵਲ ਡਿਫੈਂਸ ਪੰਜਾਬ ਅਤੇ ਡਾਇਰੈਕਟਰ ਸਿਵਲ ਡਿਫੈਂਸ ਪੰਜਾਬ ਦੇ ਦਿਸ਼ਾ ਨਿਰਦੇਸ਼ਾਂ ਅਨੁਸਾਰ ਅਤੇ ਚੀਫ਼ ਵਾਰਡਨ ਸਿਵਲ ਡਿਫੈਂਸ ਦੀ ਅਗਵਾਈ ਹੇਠ ਚੱਲ ਰਹੇ ਸੱਤ ਰੋਜ਼ਾ ਸਿਖਲਾਈ ਕੈਂਪ ਦੌਰਾਨ ਸਿਵਲ ਡਿਫੈਂਸ ਵਲੰਟੀਅਰਾਂ ਨੂੰ ਫਾਇਰ ਬ੍ਰਿਗੇਡ ਅਤੇ ਡਿਜ਼ਾਸਟਰ ਮੈਨੇਜਮੈਂਟ ਬਾਰੇ ਵਿਸਥਾਰਪੂਰਵਕ ਜਾਣਕਾਰੀ ਦਿੱਤੀ ਗਈ। ਫਾਇਰ ਅਫ਼ਸਰ ਨੇ ਅੱਗ ਲੱਗਣ ਦੀ ਸੂਰਤ ਵਿੱਚ ਬਚਾਅ ਦੇ ਤਰੀਕੇ, ਅੱਗ ਬੁਝਾਊ ਯੰਤਰਾਂ ਦੀ ਵਰਤੋਂ ਅਤੇ ਕੁਦਰਤੀ ਆਫ਼ਤਾਂ ਸਮੇਂ ਰਾਹਤ ਕਾਰਜਾਂ ਬਾਰੇ ਪ੍ਰੈਕਟੀਕਲ ਡੈਮੋ ਰਾਹੀਂ ਸਿਖਲਾਈ ਦਿੱਤੀ। ਉਨ੍ਹਾਂ ਕਿਹਾ ਕਿ ਕਿਸੇ ਵੀ ਐਮਰਜੈਂਸੀ ਸਮੇਂ ਘਬਰਾਉਣ ਦੀ ਬਜਾਏ ਸੂਝ-ਬੂਝ ਨਾਲ ਕੰਮ ਲੈਣਾ ਚਾਹੀਦਾ ਹੈ। ਇਸ ਮੌਕੇ ਵੱਡੀ ਗਿਣਤੀ ਵਿੱਚ ਵਲੰਟੀਅਰ ਹਾਜ਼ਰ ਸਨ।
ਪਟਿਆਲਾ 7 ਫਰਵਰੀ (ਗੁਰਪ੍ਰਤਾਪ ਸਿੰਘ ਸਾਹੀ)- ਸ੍ਰੀ ਸੰਜੀਵ ਕਾਲੜਾ ਆਈ.ਪੀ.ਐਸ ਐਸ.ਐਸ.ਪੀ ਸਿਵਲ ਡਿਫੈਂਸ ਪੰਜਾਬ ਅਤੇ ਡਾਇਰੈਕਟਰ ਸਿਵਲ ਡਿਫੈਂਸ ਪੰਜਾਬ ਦੇ ਦਿਸ਼ਾ ਨਿਰਦੇਸ਼ਾਂ ਅਨੁਸਾਰ ਅਤੇ ਚੀਫ਼ ਵਾਰਡਨ ਸਿਵਲ ਡਿਫੈਂਸ ਦੀ ਅਗਵਾਈ ਹੇਠ ਚੱਲ ਰਹੇ ਸੱਤ ਰੋਜ਼ਾ ਸਿਖਲਾਈ ਕੈਂਪ ਦੌਰਾਨ ਸਿਵਲ ਡਿਫੈਂਸ ਵਲੰਟੀਅਰਾਂ ਨੂੰ ਫਾਇਰ ਬ੍ਰਿਗੇਡ ਅਤੇ ਡਿਜ਼ਾਸਟਰ ਮੈਨੇਜਮੈਂਟ ਬਾਰੇ ਵਿਸਥਾਰਪੂਰਵਕ ਜਾਣਕਾਰੀ ਦਿੱਤੀ ਗਈ। ਫਾਇਰ ਅਫ਼ਸਰ ਨੇ ਅੱਗ ਲੱਗਣ ਦੀ ਸੂਰਤ ਵਿੱਚ ਬਚਾਅ ਦੇ ਤਰੀਕੇ, ਅੱਗ ਬੁਝਾਊ ਯੰਤਰਾਂ ਦੀ ਵਰਤੋਂ ਅਤੇ ਕੁਦਰਤੀ ਆਫ਼ਤਾਂ ਸਮੇਂ ਰਾਹਤ ਕਾਰਜਾਂ ਬਾਰੇ ਪ੍ਰੈਕਟੀਕਲ ਡੈਮੋ ਰਾਹੀਂ ਸਿਖਲਾਈ ਦਿੱਤੀ। ਉਨ੍ਹਾਂ ਕਿਹਾ ਕਿ ਕਿਸੇ ਵੀ ਐਮਰਜੈਂਸੀ ਸਮੇਂ ਘਬਰਾਉਣ ਦੀ ਬਜਾਏ ਸੂਝ-ਬੂਝ ਨਾਲ ਕੰਮ ਲੈਣਾ ਚਾਹੀਦਾ ਹੈ। ਇਸ ਮੌਕੇ ਵੱਡੀ ਗਿਣਤੀ ਵਿੱਚ ਵਲੰਟੀਅਰ ਹਾਜ਼ਰ ਸਨ।
ਪਟਿਆਲਾ 7 ਫਰਵਰੀ (ਗੁਰਪ੍ਰਤਾਪ ਸਿੰਘ ਸਾਹੀ)- ਸ੍ਰੀ ਸੰਜੀਵ ਕਾਲੜਾ ਆਈ.ਪੀ.ਐਸ ਐਸ.ਐਸ.ਪੀ ਸਿਵਲ ਡਿਫੈਂਸ ਪੰਜਾਬ ਅਤੇ ਡਾਇਰੈਕਟਰ ਸਿਵਲ ਡਿਫੈਂਸ ਪੰਜਾਬ ਦੇ ਦਿਸ਼ਾ ਨਿਰਦੇਸ਼ਾਂ ਅਨੁਸਾਰ ਅਤੇ ਚੀਫ਼ ਵਾਰਡਨ ਸਿਵਲ ਡਿਫੈਂਸ ਦੀ ਅਗਵਾਈ ਹੇਠ ਚੱਲ ਰਹੇ ਸੱਤ ਰੋਜ਼ਾ ਸਿਖਲਾਈ ਕੈਂਪ ਦੌਰਾਨ ਸਿਵਲ ਡਿਫੈਂਸ ਵਲੰਟੀਅਰਾਂ ਨੂੰ ਫਾਇਰ ਬ੍ਰਿਗੇਡ ਅਤੇ ਡਿਜ਼ਾਸਟਰ ਮੈਨੇਜਮੈਂਟ ਬਾਰੇ ਵਿਸਥਾਰਪੂਰਵਕ ਜਾਣਕਾਰੀ ਦਿੱਤੀ ਗਈ। ਫਾਇਰ ਅਫ਼ਸਰ ਨੇ ਅੱਗ ਲੱਗਣ ਦੀ ਸੂਰਤ ਵਿੱਚ ਬਚਾਅ ਦੇ ਤਰੀਕੇ, ਅੱਗ ਬੁਝਾਊ ਯੰਤਰਾਂ ਦੀ ਵਰਤੋਂ ਅਤੇ ਕੁਦਰਤੀ ਆਫ਼ਤਾਂ ਸਮੇਂ ਰਾਹਤ ਕਾਰਜਾਂ ਬਾਰੇ ਪ੍ਰੈਕਟੀਕਲ ਡੈਮੋ ਰਾਹੀਂ ਸਿਖਲਾਈ ਦਿੱਤੀ। ਉਨ੍ਹਾਂ ਕਿਹਾ ਕਿ ਕਿਸੇ ਵੀ ਐਮਰਜੈਂਸੀ
ਨਸ਼ਿਆਂ ਦੇ ਖ਼ਾਤਮੇ ਲਈ ਸਾਰੇ ਵਰਗਾਂ ਦਾ ਸਹਿਯੋਗ ਜ਼ਰੂਰੀ-ਕੈਬਨਿਟ ਮੰਤਰੀ ਖੁੱਡੀਆਂ
ਕੈਬਨਿਟ ਮੰਤਰੀ ਨੇ ਯੁੱਧ ਨਸ਼ਿਆਂ ਵਿਰੁੱਧ ਮੁਹਿੰਮ ਤਹਿਤ ਵੀ.ਡੀ.ਸੀ.ਕਮੇਟੀਆਂ ਨਾਲ ਕੀਤੀ ਮੀਟਿੰਗ
ਸ੍ਰੀ ਮੁਕਤਸਰ ਸਾਹਿਬ/ਲੰਬੀ/ਗਿੱਦੜਬਾਹਾ, 07 ਫਰਵਰੀ (ਕੁਲਦੀਪ ਸਿੰਘ ਘੋਲੀਆ)- ਪੰਜਾਬ ਸਰਕਾਰ ਵੱਲੋਂ ਸੂਬੇ ਨੂੰ ਨਸ਼ਾ ਮੁਕਤ ਬਣਾਉਣ ਲਈ ਚਲਾਈ ਜਾ ਰਹੀ ਯੁੱਧ ਨਸ਼ਿਆਂ ਵਿਰੁੱਧ ਮੁਹਿੰਮ ਤਹਿਤ ਪੰਜਾਬ ਦੇ ਖੇਤੀਬਾੜੀ ਮੰਤਰੀ ਗੁਰਮੀਤ ਸਿੰਘ ਖੁੱਡੀਆਂ ਵੱਲੋਂ ਵਿਲੇਜ ਡਿਫੈਂਸ ਕਮੇਟੀਆਂ ਨਾਲ ਮੀਟਿੰਗ ਕੀਤੀ ਗਈ। ਉਨ੍ਹਾਂ ਕਿਹਾ ਕਿ ਨਸ਼ਿਆਂ ਦੇ ਖ਼ਾਤਮੇ ਲਈ ਸਮਾਜ ਦੇ ਸਾਰੇ ਵਰਗਾਂ ਦਾ ਸਹਿਯੋਗ ਬਹੁਤ ਜ਼ਰੂਰੀ ਹੈ। ਪਿੰਡਾਂ ਦੀਆਂ ਕਮੇਟੀਆਂ ਨਸ਼ਾ ਤਸਕਰਾਂ ਦੀ ਜਾਣਕਾਰੀ ਪੁਲਿਸ ਨਾਲ ਸਾਂਝੀ ਕਰਨ ਤਾਂ ਜੋ ਉਨ੍ਹਾਂ ਵਿਰੁੱਧ ਸਖ਼ਤ ਕਾਰਵਾਈ ਕੀਤੀ ਜਾ ਸਕੇ। ਇਸ ਮੌਕੇ ਜ਼ਿਲ੍ਹਾ ਪ੍ਰਸ਼ਾਸਨ ਦੇ ਅਧਿਕਾਰੀਆਂ ਨੇ ਦੱਸਿਆ ਕਿ ਹੁਣ ਤੱਕ 256 ਕੇਸ ਦਰਜ ਕੀਤੇ ਗਏ ਹਨ ਅਤੇ 11,877 ਨਸ਼ੀਲੀਆਂ ਗੋਲੀਆਂ ਬਰਾਮਦ ਕੀਤੀਆਂ ਗਈਆਂ ਹਨ। ਨਸ਼ਾ ਪੀੜਤਾਂ ਦੇ ਇਲਾਜ ਲਈ ਨਸ਼ਾ ਛੁਡਾਊ ਕੇਂਦਰਾਂ ਵਿੱਚ ਮੁਫ਼ਤ ਸਹੂਲਤਾਂ ਦਿੱਤੀਆਂ ਜਾ ਰਹੀਆਂ ਹਨ। ਮੰਤਰੀ ਨੇ ਪਿੰਡਾਂ ਦੇ ਨੌਜਵਾਨਾਂ ਨੂੰ ਖੇਡਾਂ ਨਾਲ ਜੁੜਨ ਦਾ ਸੱਦਾ ਦਿੱਤਾ ਅਤੇ ਕਿਹਾ ਕਿ ਸਰਕਾਰ ਪਿੰਡਾਂ ਵਿੱਚ ਖੇਡ ਮੈਦਾਨ ਬਣਾ ਰਹੀ ਹੈ। ਇਸ ਮੌਕੇ ਪੰਚਾਇਤਾਂ ਦੇ ਨੁਮਾਇੰਦੇ, ਪੁਲਿਸ ਅਧਿਕਾਰੀ ਅਤੇ ਪਿੰਡਾਂ ਦੇ ਪਤਵੰਤੇ ਹਾਜ਼ਰ ਸਨ।
ਸ੍ਰੀ ਮੁਕਤਸਰ ਸਾਹਿਬ/ਲੰਬੀ/ਗਿੱਦੜਬਾਹਾ, 07 ਫਰਵਰੀ (ਕੁਲਦੀਪ ਸਿੰਘ ਘੋਲੀਆ)- ਪੰਜਾਬ ਸਰਕਾਰ ਵੱਲੋਂ ਸੂਬੇ ਨੂੰ ਨਸ਼ਾ ਮੁਕਤ ਬਣਾਉਣ ਲਈ ਚਲਾਈ ਜਾ ਰਹੀ ਯੁੱਧ ਨਸ਼ਿਆਂ ਵਿਰੁੱਧ ਮੁਹਿੰਮ ਤਹਿਤ ਪੰਜਾਬ ਦੇ ਖੇਤੀਬਾੜੀ ਮੰਤਰੀ ਗੁਰਮੀਤ ਸਿੰਘ ਖੁੱਡੀਆਂ ਵੱਲੋਂ ਵਿਲੇਜ ਡਿਫੈਂਸ ਕਮੇਟੀਆਂ ਨਾਲ ਮੀਟਿੰਗ ਕੀਤੀ ਗਈ। ਉਨ੍ਹਾਂ ਕਿਹਾ ਕਿ ਨਸ਼ਿਆਂ ਦੇ ਖ਼ਾਤਮੇ ਲਈ ਸਮਾਜ ਦੇ ਸਾਰੇ ਵਰਗਾਂ ਦਾ ਸਹਿਯੋਗ ਬਹੁਤ ਜ਼ਰੂਰੀ ਹੈ। ਪਿੰਡਾਂ ਦੀਆਂ ਕਮੇਟੀਆਂ ਨਸ਼ਾ ਤਸਕਰਾਂ ਦੀ ਜਾਣਕਾਰੀ ਪੁਲਿਸ ਨਾਲ ਸਾਂਝੀ ਕਰਨ ਤਾਂ ਜੋ ਉਨ੍ਹਾਂ ਵਿਰੁੱਧ ਸਖ਼ਤ ਕਾਰਵਾਈ ਕੀਤੀ ਜਾ ਸਕੇ। ਇਸ ਮੌਕੇ ਜ਼ਿਲ੍ਹਾ ਪ੍ਰਸ਼ਾਸਨ ਦੇ ਅਧਿਕਾਰੀਆਂ ਨੇ ਦੱਸਿਆ ਕਿ ਹੁਣ ਤੱਕ 256 ਕੇਸ ਦਰਜ ਕੀਤੇ ਗਏ ਹਨ ਅਤੇ 11,877 ਨਸ਼ੀਲੀਆਂ ਗੋਲੀਆਂ ਬਰਾਮਦ ਕੀਤੀਆਂ ਗਈਆਂ ਹਨ। ਨਸ਼ਾ ਪੀੜਤਾਂ ਦੇ ਇਲਾਜ ਲਈ ਨਸ਼ਾ ਛੁਡਾਊ ਕੇਂਦਰਾਂ ਵਿੱਚ ਮੁਫ਼ਤ ਸਹੂਲਤਾਂ ਦਿੱਤੀਆਂ ਜਾ ਰਹੀਆਂ ਹਨ। ਮੰਤਰੀ ਨੇ ਪਿੰਡਾਂ ਦੇ ਨੌਜਵਾਨਾਂ ਨੂੰ ਖੇਡਾਂ ਨਾਲ ਜੁੜਨ ਦਾ ਸੱਦਾ ਦਿੱਤਾ ਅਤੇ ਕਿਹਾ ਕਿ ਸਰਕਾਰ ਪਿੰਡਾਂ ਵਿੱਚ ਖੇਡ ਮੈਦਾਨ ਬਣਾ ਰਹੀ ਹੈ। ਇਸ ਮੌਕੇ ਪੰਚਾਇਤਾਂ ਦੇ ਨੁਮਾਇੰਦੇ, ਪੁਲਿਸ ਅਧਿਕਾਰੀ ਅਤੇ ਪਿੰਡਾਂ ਦੇ ਪਤਵੰਤੇ ਹਾਜ਼ਰ ਸਨ।
ਸ੍ਰੀ ਮੁਕਤਸਰ ਸਾਹਿਬ/ਲੰਬੀ/ਗਿੱਦੜਬਾਹਾ, 07 ਫਰਵਰੀ (ਕੁਲਦੀਪ ਸਿੰਘ ਘੋਲੀਆ)- ਪੰਜਾਬ ਸਰਕਾਰ ਵੱਲੋਂ ਸੂਬੇ ਨੂੰ ਨਸ਼ਾ ਮੁਕਤ ਬਣਾਉਣ ਲਈ ਚਲਾਈ ਜਾ ਰਹੀ ਯੁੱਧ ਨਸ਼ਿਆਂ ਵਿਰੁੱਧ ਮੁਹਿੰਮ ਤਹਿਤ ਪੰਜਾਬ ਦੇ ਖੇਤੀਬਾੜੀ ਮੰਤਰੀ ਗੁਰਮੀਤ ਸਿੰਘ ਖੁੱਡੀਆਂ ਵੱਲੋਂ ਵਿਲੇਜ ਡਿਫੈਂਸ ਕਮੇਟੀਆਂ ਨਾਲ ਮੀਟਿੰਗ ਕੀਤੀ ਗਈ। ਉਨ੍ਹਾਂ ਕਿਹਾ ਕਿ ਨਸ਼ਿਆਂ ਦੇ ਖ਼ਾਤਮੇ ਲਈ ਸਮਾਜ ਦੇ ਸਾਰੇ ਵਰਗਾਂ ਦਾ ਸਹਿਯੋਗ ਬਹੁਤ ਜ਼ਰੂਰੀ ਹੈ। ਪਿੰਡਾਂ ਦੀਆਂ ਕਮੇਟੀਆਂ ਨਸ਼ਾ ਤਸਕਰਾਂ ਦੀ ਜਾਣਕਾਰੀ ਪੁਲਿਸ ਨਾਲ ਸਾਂਝੀ ਕਰਨ ਤਾਂ ਜੋ ਉਨ੍ਹਾਂ ਵਿਰੁੱਧ ਸਖ਼ਤ ਕਾਰਵਾਈ ਕੀਤੀ ਜਾ ਸਕੇ। ਇਸ ਮੌਕੇ ਜ਼ਿਲ੍ਹਾ ਪ੍ਰਸ਼ਾਸਨ ਦੇ ਅਧਿਕਾਰੀਆਂ ਨੇ ਦੱਸਿਆ ਕਿ ਹੁਣ ਤੱਕ 256 ਕੇਸ ਦਰਜ ਕੀਤੇ ਗਏ ਹਨ ਅਤੇ 11,877 ਨਸ਼ੀਲੀਆਂ ਗੋਲੀਆਂ ਬਰਾਮਦ ਕੀਤੀਆਂ ਗਈਆਂ ਹਨ। ਨਸ਼ਾ ਪੀੜਤਾਂ ਦੇ ਇਲਾਜ ਲਈ ਨਸ਼ਾ ਛੁਡਾਊ ਕੇਂਦਰਾਂ ਵਿੱਚ ਮੁਫ਼ਤ ਸਹੂਲਤਾਂ ਦਿੱਤੀਆਂ ਜਾ ਰਹੀਆਂ ਹਨ। ਮੰਤਰੀ ਨੇ ਪਿੰਡਾਂ ਦੇ ਨੌਜਵਾਨਾਂ ਨੂੰ ਖੇਡਾਂ ਨਾਲ ਜੁੜਨ ਦਾ ਸੱਦਾ ਦਿੱਤਾ ਅਤੇ ਕਿਹਾ ਕਿ ਸਰਕਾਰ ਪਿੰਡਾਂ ਵਿੱਚ ਖੇਡ ਮੈਦਾਨ ਬਣਾ ਰਹੀ ਹੈ। ਇਸ ਮੌਕੇ ਪੰਚਾਇਤਾਂ ਦੇ ਨੁਮਾਇੰਦੇ, ਪੁਲਿਸ ਅਧਿਕਾਰੀ ਅਤੇ ਪਿੰਡਾਂ ਦੇ ਪਤਵੰਤੇ ਹਾਜ਼ਰ ਸਨ।
ਸ੍ਰੀ ਮੁਕਤਸਰ ਸਾਹਿਬ/ਲੰਬੀ/ਗਿੱਦੜਬਾਹਾ, 07 ਫਰਵਰੀ (ਕੁਲਦੀਪ ਸਿੰਘ ਘੋਲੀਆ)- ਪੰਜਾਬ ਸਰਕਾਰ ਵੱਲੋਂ ਸੂਬੇ ਨੂੰ ਨਸ਼ਾ ਮੁਕਤ ਬਣਾਉਣ ਲਈ ਚਲਾਈ ਜਾ ਰਹੀ ਯੁੱਧ ਨਸ਼ਿਆਂ ਵਿਰੁੱਧ ਮੁਹਿੰਮ ਤਹਿਤ ਪੰਜਾਬ ਦੇ ਖੇਤੀਬਾੜੀ ਮੰਤਰੀ ਗੁਰਮੀਤ ਸਿੰਘ ਖੁੱਡੀਆਂ ਵੱਲੋਂ ਵਿਲੇਜ ਡਿਫੈਂਸ ਕਮੇਟੀਆਂ ਨਾਲ ਮੀਟਿੰਗ ਕੀਤੀ ਗਈ। ਉਨ੍ਹਾਂ ਕਿਹਾ ਕਿ ਨਸ਼ਿਆਂ ਦੇ ਖ਼ਾਤਮੇ ਲਈ ਸਮਾਜ ਦੇ ਸਾਰੇ ਵਰਗਾਂ ਦਾ ਸਹਿਯੋਗ ਬਹੁਤ ਜ਼ਰੂਰੀ ਹੈ। ਪਿੰਡਾਂ ਦੀਆਂ ਕਮੇਟੀਆਂ ਨਸ਼ਾ ਤਸਕਰਾਂ ਦੀ ਜਾਣਕਾਰੀ ਪੁਲਿਸ ਨਾਲ ਸਾਂਝੀ ਕਰਨ ਤਾਂ ਜੋ ਉਨ੍ਹਾਂ ਵਿਰੁੱਧ ਸਖ਼ਤ ਕਾਰਵਾਈ ਕੀਤੀ ਜਾ ਸਕੇ। ਇਸ ਮੌਕੇ ਜ਼ਿਲ੍ਹਾ ਪ੍ਰਸ਼ਾਸਨ ਦੇ ਅਧਿਕਾਰੀਆਂ ਨੇ ਦੱਸਿਆ ਕਿ ਹੁਣ ਤੱਕ 256 ਕੇਸ ਦਰਜ ਕੀਤੇ ਗਏ ਹਨ ਅਤੇ 11,877 ਨਸ਼ੀਲੀਆਂ ਗੋਲੀਆਂ ਬਰਾਮਦ ਕੀਤੀਆਂ ਗਈਆਂ ਹਨ। ਨਸ਼ਾ ਪੀੜਤਾਂ ਦੇ ਇਲਾਜ ਲਈ ਨਸ਼ਾ ਛੁਡਾਊ ਕੇਂਦਰਾਂ ਵਿੱਚ ਮੁਫ਼ਤ ਸਹੂਲਤਾਂ ਦਿੱਤੀਆਂ ਜਾ ਰਹੀਆਂ ਹਨ। ਮੰਤਰੀ ਨੇ ਪਿੰਡਾਂ ਦੇ ਨੌਜਵਾਨਾਂ ਨੂੰ ਖੇਡਾਂ ਨਾਲ ਜੁੜਨ ਦਾ ਸੱਦਾ ਦਿੱਤਾ ਅਤੇ ਕਿਹਾ ਕਿ ਸਰਕਾਰ ਪਿੰਡਾਂ ਵਿੱਚ ਖੇਡ ਮੈਦਾਨ ਬਣਾ ਰਹੀ ਹੈ। ਇਸ ਮੌਕੇ ਪੰਚਾਇਤਾਂ ਦੇ ਨੁਮਾਇੰਦੇ, ਪੁਲਿਸ ਅਧਿਕਾਰੀ ਅਤੇ ਪਿੰਡਾਂ ਦੇ ਪਤਵੰਤੇ ਹਾਜ਼ਰ ਸਨ।
ਸਰਕਾਰੀ ਪੱਕੇ ਖਾਲ ਦੀ ਰੰਜਿਸ਼ ਨੂੰ ਲੈ ਕੇ ਦੋਹਰੇ ਕਤਲ ਦੇ ਮਾਮਲੇ 'ਚ ਪੁਲਿਸ ਕਾਰਵਾਈ
ਸ੍ਰੀ ਮੁਕਤਸਰ ਸਾਹਿਬ/ਮੰਡੀ ਬਰੀਵਾਲਾ, 07 ਫਰਵਰੀ (ਕੁਲਦੀਪ ਸਿੰਘ ਘੋਲੀਆ)- ਪਿਛਲੇ ਦਿਨੀਂ ਪਿੰਡ ਵਿੱਚ ਸਰਕਾਰੀ ਪੱਕੇ ਖਾਲ ਦੀ ਰੰਜਿਸ਼ ਨੂੰ ਲੈ ਕੇ ਹੋਏ ਦੋਹਰੇ ਕਤਲ ਦੇ ਮਾਮਲੇ ਵਿੱਚ ਪੁਲਿਸ ਨੇ ਕਾਰਵਾਈ ਕਰਦਿਆਂ ਮੁਲਜ਼ਮਾਂ ਨੂੰ ਗ੍ਰਿਫ਼ਤਾਰ ਕਰ ਲਿਆ ਹੈ। ਜ਼ਿਲ੍ਹਾ ਪੁਲਿਸ ਮੁਖੀ ਨੇ ਪ੍ਰੈਸ ਕਾਨਫਰੰਸ ਦੌਰਾਨ ਦੱਸਿਆ ਕਿ ਦੋਵਾਂ ਧਿਰਾਂ ਵਿਚਕਾਰ ਖਾਲ ਨੂੰ ਲੈ ਕੇ ਕਾਫੀ ਸਮੇਂ ਤੋਂ ਝਗੜਾ ਚੱਲ ਰਿਹਾ ਸੀ। ਮੁਕੱਦਮਾ ਨੰਬਰ 21 ਮਿਤੀ 07.02.2026 ਅ/ਧ 103, 109, 61(2) ਬੀ.ਐਨ.ਐਸ ਅਤੇ 25/27/54/59 ਅਸਲਾ ਐਕਟ ਤਹਿਤ ਮਾਮਲਾ ਦਰਜ ਕੀਤਾ ਗਿਆ ਹੈ। ਪੁਲਿਸ ਵੱਲੋਂ ਵਾਰਦਾਤ ਵਿੱਚ ਵਰਤਿਆ ਗਿਆ ਹਥਿਆਰ ਅਤੇ ਗੱਡੀ ਵੀ ਬਰਾਮਦ ਕਰ ਲਈ ਗਈ ਹੈ ਅਤੇ ਬਾਕੀ ਮੁਲਜ਼ਮਾਂ ਦੀ ਭਾਲ ਜਾਰੀ ਹੈ।
ਦੇਸ਼-ਵਿਦੇਸ਼ਾਂ ਵਿੱਚ ਸਿੱਖਾਂ ਨੂੰ ਨਿਸ਼ਾਨਾ ਬਣਾਉਣ ਵਾਲੀਆਂ ਘਟਨਾਵਾਂ ਦੀ ਸਖ਼ਤ ਨਿੰਦਾ
ਲਈ ਟਿਕਟ ਨੂੰ ਲੈ ਕੇ ਨੋਕਸਲ ਸਿੱਖ ਫੈਡਰੇਸ਼ਨ ਵੱਲੋਂ ਰੋਸ ਪ੍ਰਦਰਸ਼ਨ
ਚੰਡੀਗੜ੍ਹ 7 ਫਰਵਰੀ (ਮੇਜਰ ਸਿੰਘ ਸਿੱਧੂ)- ਅਕਾਲੀ ਦਲ ਦੀ ਰਾਜਧਾਨੀ ਵਾਸ਼ਿੰਗਟਨ ਵਿਖੇ 8 ਅਪ੍ਰੈਲ 2026 ਨੂੰ ਇਕ ਸਮਾਗਮ ਕਰਵਾਇਆ ਜਾ ਰਿਹਾ ਹੈ ਜਿਸ ਸਬੰਧੀ ਸਿੱਖ ਜਥੇਬੰਦੀਆਂ ਵੱਲੋਂ ਤਿਆਰੀਆਂ ਸ਼ੁਰੂ ਕਰ ਦਿੱਤੀਆਂ ਗਈਆਂ ਹਨ। ਆਗੂਆਂ ਨੇ ਕਿਹਾ ਕਿ ਦੇਸ਼-ਵਿਦੇਸ਼ ਵਿੱਚ ਸਿੱਖਾਂ ਨੂੰ ਨਿਸ਼ਾਨਾ ਬਣਾਉਣ ਵਾਲੀਆਂ ਘਟਨਾਵਾਂ ਦੀ ਸਖ਼ਤ ਨਿੰਦਾ ਕੀਤੀ ਜਾਂਦੀ ਹੈ ਅਤੇ ਸਰਕਾਰਾਂ ਨੂੰ ਅਜਿਹੀਆਂ ਘਟਨਾਵਾਂ ਰੋਕਣ ਲਈ ਠੋਸ ਕਦਮ ਚੁੱਕਣੇ ਚਾਹੀਦੇ ਹਨ। ਸਿੱਖ ਭਾਈਚਾਰਾ ਆਪਣੇ ਹੱਕਾਂ ਦੀ ਰਾਖੀ ਲਈ ਇਕਜੁੱਟ ਹੈ ਅਤੇ ਇਸ ਸਮਾਗਮ ਰਾਹੀਂ ਦੁਨੀਆ ਭਰ ਦੇ ਸਿੱਖਾਂ ਦੀ ਆਵਾਜ਼ ਬੁਲੰਦ ਕੀਤੀ ਜਾਵੇਗੀ।
ਬੱਚਿਆਂ ਦੇ ਸਰਬਪੱਖੀ ਵਿਕਾਸ ਲਈ ਮਾਪਿਆਂ ਅਤੇ ਅਧਿਆਪਕਾਂ ਦੀ ਇੱਕਸੁਰਤਾ ਜ਼ਰੂਰੀ - ਡੀਈਓ ਤਰਵਿੰਦਰ ਕੌਰ
ਲੋਂਗੋਵਾਲ, 6 ਫਰਵਰੀ (ਪ੍ਰਦੀਪ ਮਾਹਲਾ)- ਸਕੂਲ ਸਿੱਖਿਆ ਵਿਭਾਗ ਪੰਜਾਬ ਵੱਲੋਂ ਪੰਜਾਬ ਸਰਕਾਰ ਦੇ ਦਿਸ਼ਾ ਨਿਰਦੇਸ਼ਾਂ ਹੇਠ ਸਰਕਾਰੀ ਸਕੂਲਾਂ ਵਿੱਚ ਮਾਪੇ ਅਧਿਆਪਕ ਮਿਲਣੀ ਕਰਵਾਈ ਗਈ। ਇਸ ਮੌਕੇ ਜ਼ਿਲ੍ਹਾ ਸਿੱਖਿਆ ਅਫ਼ਸਰ ਤਰਵਿੰਦਰ ਕੌਰ ਨੇ ਵਿਸ਼ੇਸ਼ ਤੌਰ 'ਤੇ ਸ਼ਿਰਕਤ ਕਰਦਿਆਂ ਕਿਹਾ ਕਿ ਬੱਚਿਆਂ ਦੇ ਸਰਬਪੱਖੀ ਵਿਕਾਸ ਲਈ ਮਾਪਿਆਂ ਅਤੇ ਅਧਿਆਪਕਾਂ ਦੀ ਇੱਕਸੁਰਤਾ ਬਹੁਤ ਜ਼ਰੂਰੀ ਹੈ। ਉਨ੍ਹਾਂ ਕਿਹਾ ਕਿ ਮਾਪੇ ਬੱਚਿਆਂ ਦੀ ਪੜ੍ਹਾਈ ਵੱਲ ਵਿਸ਼ੇਸ਼ ਧਿਆਨ ਦੇਣ ਅਤੇ ਸਮੇਂ-ਸਮੇਂ 'ਤੇ ਸਕੂਲ ਆ ਕੇ ਅਧਿਆਪਕਾਂ ਨਾਲ ਸੰਪਰਕ ਕਰਨ। ਇਸ ਮੌਕੇ ਮਾਪਿਆਂ ਨੂੰ ਬੱਚਿਆਂ ਦੀ ਕਾਰਗੁਜ਼ਾਰੀ ਬਾਰੇ ਜਾਣੂ ਕਰਵਾਇਆ ਗਿਆ ਅਤੇ ਸਰਕਾਰ ਵੱਲੋਂ ਦਿੱਤੀਆਂ ਜਾ ਰਹੀਆਂ ਸਹੂਲਤਾਂ ਬਾਰੇ ਦੱਸਿਆ ਗਿਆ। ਪ੍ਰਿੰਸੀਪਲ ਅਤੇ ਸਮੂਹ ਸਟਾਫ਼ ਨੇ ਮੁੱਖ ਮਹਿਮਾਨ ਦਾ ਧੰਨਵਾਦ ਕੀਤਾ।
ਲੋਂਗੋਵਾਲ, 6 ਫਰਵਰੀ (ਪ੍ਰਦੀਪ ਮਾਹਲਾ)- ਸਕੂਲ ਸਿੱਖਿਆ ਵਿਭਾਗ ਪੰਜਾਬ ਵੱਲੋਂ ਪੰਜਾਬ ਸਰਕਾਰ ਦੇ ਦਿਸ਼ਾ ਨਿਰਦੇਸ਼ਾਂ ਹੇਠ ਸਰਕਾਰੀ ਸਕੂਲਾਂ ਵਿੱਚ ਮਾਪੇ ਅਧਿਆਪਕ ਮਿਲਣੀ ਕਰਵਾਈ ਗਈ। ਇਸ ਮੌਕੇ ਜ਼ਿਲ੍ਹਾ ਸਿੱਖਿਆ ਅਫ਼ਸਰ ਤਰਵਿੰਦਰ ਕੌਰ ਨੇ ਵਿਸ਼ੇਸ਼ ਤੌਰ 'ਤੇ ਸ਼ਿਰਕਤ ਕਰਦਿਆਂ ਕਿਹਾ ਕਿ ਬੱਚਿਆਂ ਦੇ ਸਰਬਪੱਖੀ ਵਿਕਾਸ ਲਈ ਮਾਪਿਆਂ ਅਤੇ ਅਧਿਆਪਕਾਂ ਦੀ ਇੱਕਸੁਰਤਾ ਬਹੁਤ ਜ਼ਰੂਰੀ ਹੈ। ਉਨ੍ਹਾਂ ਕਿਹਾ ਕਿ ਮਾਪੇ ਬੱਚਿਆਂ ਦੀ ਪੜ੍ਹਾਈ ਵੱਲ ਵਿਸ਼ੇਸ਼ ਧਿਆਨ ਦੇਣ ਅਤੇ ਸਮੇਂ-ਸਮੇਂ 'ਤੇ ਸਕੂਲ ਆ ਕੇ ਅਧਿਆਪਕਾਂ ਨਾਲ ਸੰਪਰਕ ਕਰਨ। ਇਸ ਮੌਕੇ ਮਾਪਿਆਂ ਨੂੰ ਬੱਚਿਆਂ ਦੀ ਕਾਰਗੁਜ਼ਾਰੀ ਬਾਰੇ ਜਾਣੂ ਕਰਵਾਇਆ ਗਿਆ ਅਤੇ ਸਰਕਾਰ ਵੱਲੋਂ ਦਿੱਤੀਆਂ ਜਾ ਰਹੀਆਂ ਸਹੂਲਤਾਂ ਬਾਰੇ ਦੱਸਿਆ ਗਿਆ। ਪ੍ਰਿੰਸੀਪਲ ਅਤੇ ਸਮੂਹ ਸਟਾਫ਼ ਨੇ ਮੁੱਖ ਮਹਿਮਾਨ ਦਾ ਧੰਨਵਾਦ ਕੀਤਾ।
ਲੋਂਗੋਵਾਲ, 6 ਫਰਵਰੀ (ਪ੍ਰਦੀਪ ਮਾਹਲਾ)- ਸਕੂਲ ਸਿੱਖਿਆ ਵਿਭਾਗ ਪੰਜਾਬ ਵੱਲੋਂ ਪੰਜਾਬ ਸਰਕਾਰ ਦੇ ਦਿਸ਼ਾ ਨਿਰਦੇਸ਼ਾਂ ਹੇਠ ਸਰਕਾਰੀ ਸਕੂਲਾਂ ਵਿੱਚ ਮਾਪੇ ਅਧਿਆਪਕ ਮਿਲਣੀ ਕਰਵਾਈ ਗਈ। ਇਸ ਮੌਕੇ ਜ਼ਿਲ੍ਹਾ ਸਿੱਖਿਆ ਅਫ਼ਸਰ ਤਰਵਿੰਦਰ ਕੌਰ ਨੇ ਵਿਸ਼ੇਸ਼ ਤੌਰ 'ਤੇ ਸ਼ਿਰਕਤ ਕਰਦਿਆਂ ਕਿਹਾ ਕਿ ਬੱਚਿਆਂ ਦੇ ਸਰਬਪੱਖੀ ਵਿਕਾਸ ਲਈ ਮਾਪਿਆਂ ਅਤੇ ਅਧਿਆਪਕਾਂ ਦੀ ਇੱਕਸੁਰਤਾ ਬਹੁਤ ਜ਼ਰੂਰੀ ਹੈ। ਉਨ੍ਹਾਂ ਕਿਹਾ ਕਿ ਮਾਪੇ ਬੱਚਿਆਂ ਦੀ ਪੜ੍ਹਾਈ ਵੱਲ ਵਿਸ਼ੇਸ਼ ਧਿਆਨ ਦੇਣ ਅਤੇ ਸਮੇਂ-ਸਮੇਂ 'ਤੇ ਸਕੂਲ ਆ ਕੇ ਅਧਿਆਪਕਾਂ ਨਾਲ ਸੰਪਰਕ ਕਰਨ। ਇਸ ਮੌਕੇ ਮਾਪਿਆਂ ਨੂੰ ਬੱਚਿਆਂ ਦੀ ਕਾਰਗੁਜ਼ਾਰੀ ਬਾਰੇ ਜਾਣੂ ਕਰਵਾਇਆ ਗਿਆ ਅਤੇ ਸਰਕਾਰ ਵੱਲੋਂ ਦਿੱਤੀਆਂ ਜਾ ਰਹੀਆਂ ਸਹੂਲਤਾਂ ਬਾਰੇ ਦੱਸਿਆ ਗਿਆ। ਪ੍ਰਿੰਸੀਪਲ ਅਤੇ ਸਮੂਹ ਸਟਾਫ਼ ਨੇ ਮੁੱਖ ਮਹਿਮਾਨ ਦਾ ਧੰਨਵਾਦ ਕੀਤਾ।
